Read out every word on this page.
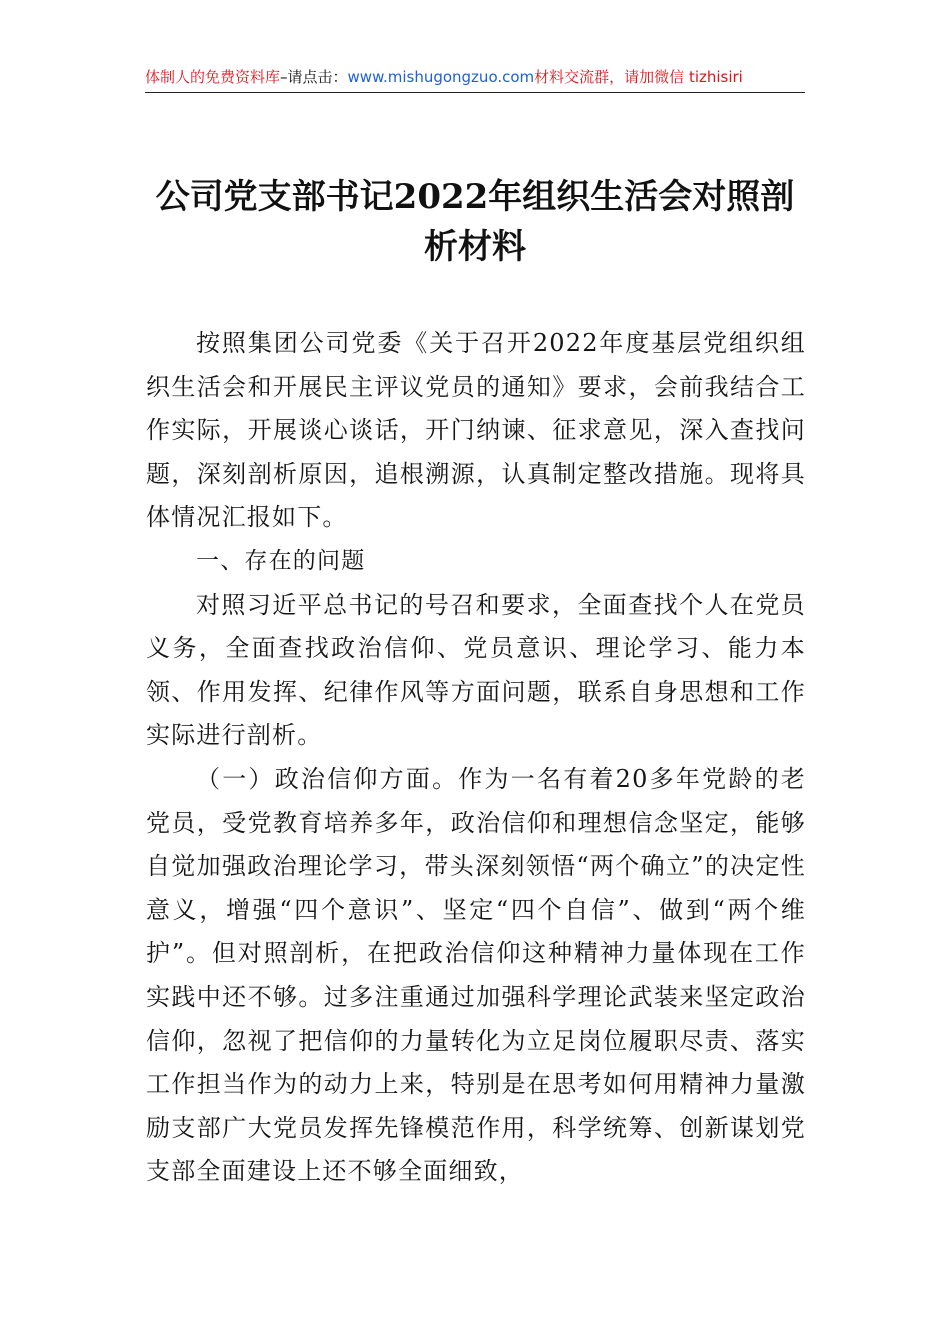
体制人的免费资料库–请点击：www.mishugongzuo.com材料交流群，请加微信 tizhisiri
公司党支部书记2022年组织生活会对照剖析材料

按照集团公司党委《关于召开2022年度基层党组织组织生活会和开展民主评议党员的通知》要求，会前我结合工作实际，开展谈心谈话，开门纳谏、征求意见，深入查找问题，深刻剖析原因，追根溯源，认真制定整改措施。现将具体情况汇报如下。

一、存在的问题

对照习近平总书记的号召和要求，全面查找个人在党员义务，全面查找政治信仰、党员意识、理论学习、能力本领、作用发挥、纪律作风等方面问题，联系自身思想和工作实际进行剖析。

（一）政治信仰方面。作为一名有着20多年党龄的老党员，受党教育培养多年，政治信仰和理想信念坚定，能够自觉加强政治理论学习，带头深刻领悟“两个确立”的决定性意义，增强“四个意识”、坚定“四个自信”、做到“两个维护”。但对照剖析，在把政治信仰这种精神力量体现在工作实践中还不够。过多注重通过加强科学理论武装来坚定政治信仰，忽视了把信仰的力量转化为立足岗位履职尽责、落实工作担当作为的动力上来，特别是在思考如何用精神力量激励支部广大党员发挥先锋模范作用，科学统筹、创新谋划党支部全面建设上还不够全面细致，
